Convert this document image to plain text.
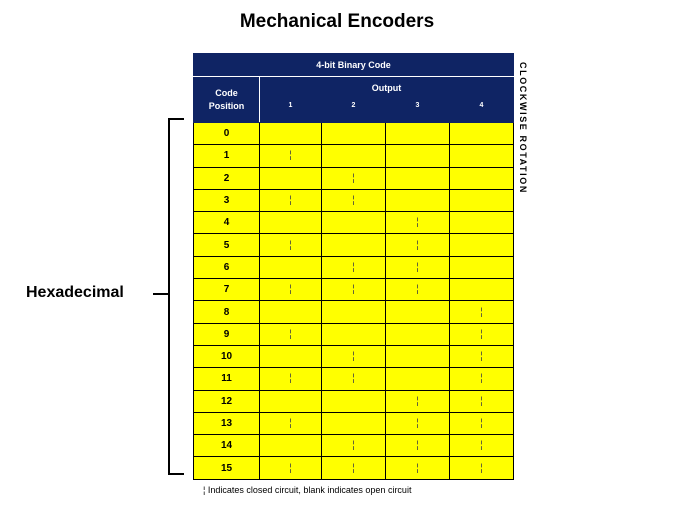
Mechanical Encoders
4-bit Binary Code				
Code
Position	Output			
	1	2	3	4
0				
1	¦			
2		¦		
3	¦	¦		
4			¦	
5	¦		¦	
6		¦	¦	
7	¦	¦	¦	
8				¦
9	¦			¦
10		¦		¦
11	¦	¦		¦
12			¦	¦
13	¦		¦	¦
14		¦	¦	¦
15	¦	¦	¦	¦
CLOCKWISE ROTATION
Hexadecimal
¦ Indicates closed circuit, blank indicates open circuit
